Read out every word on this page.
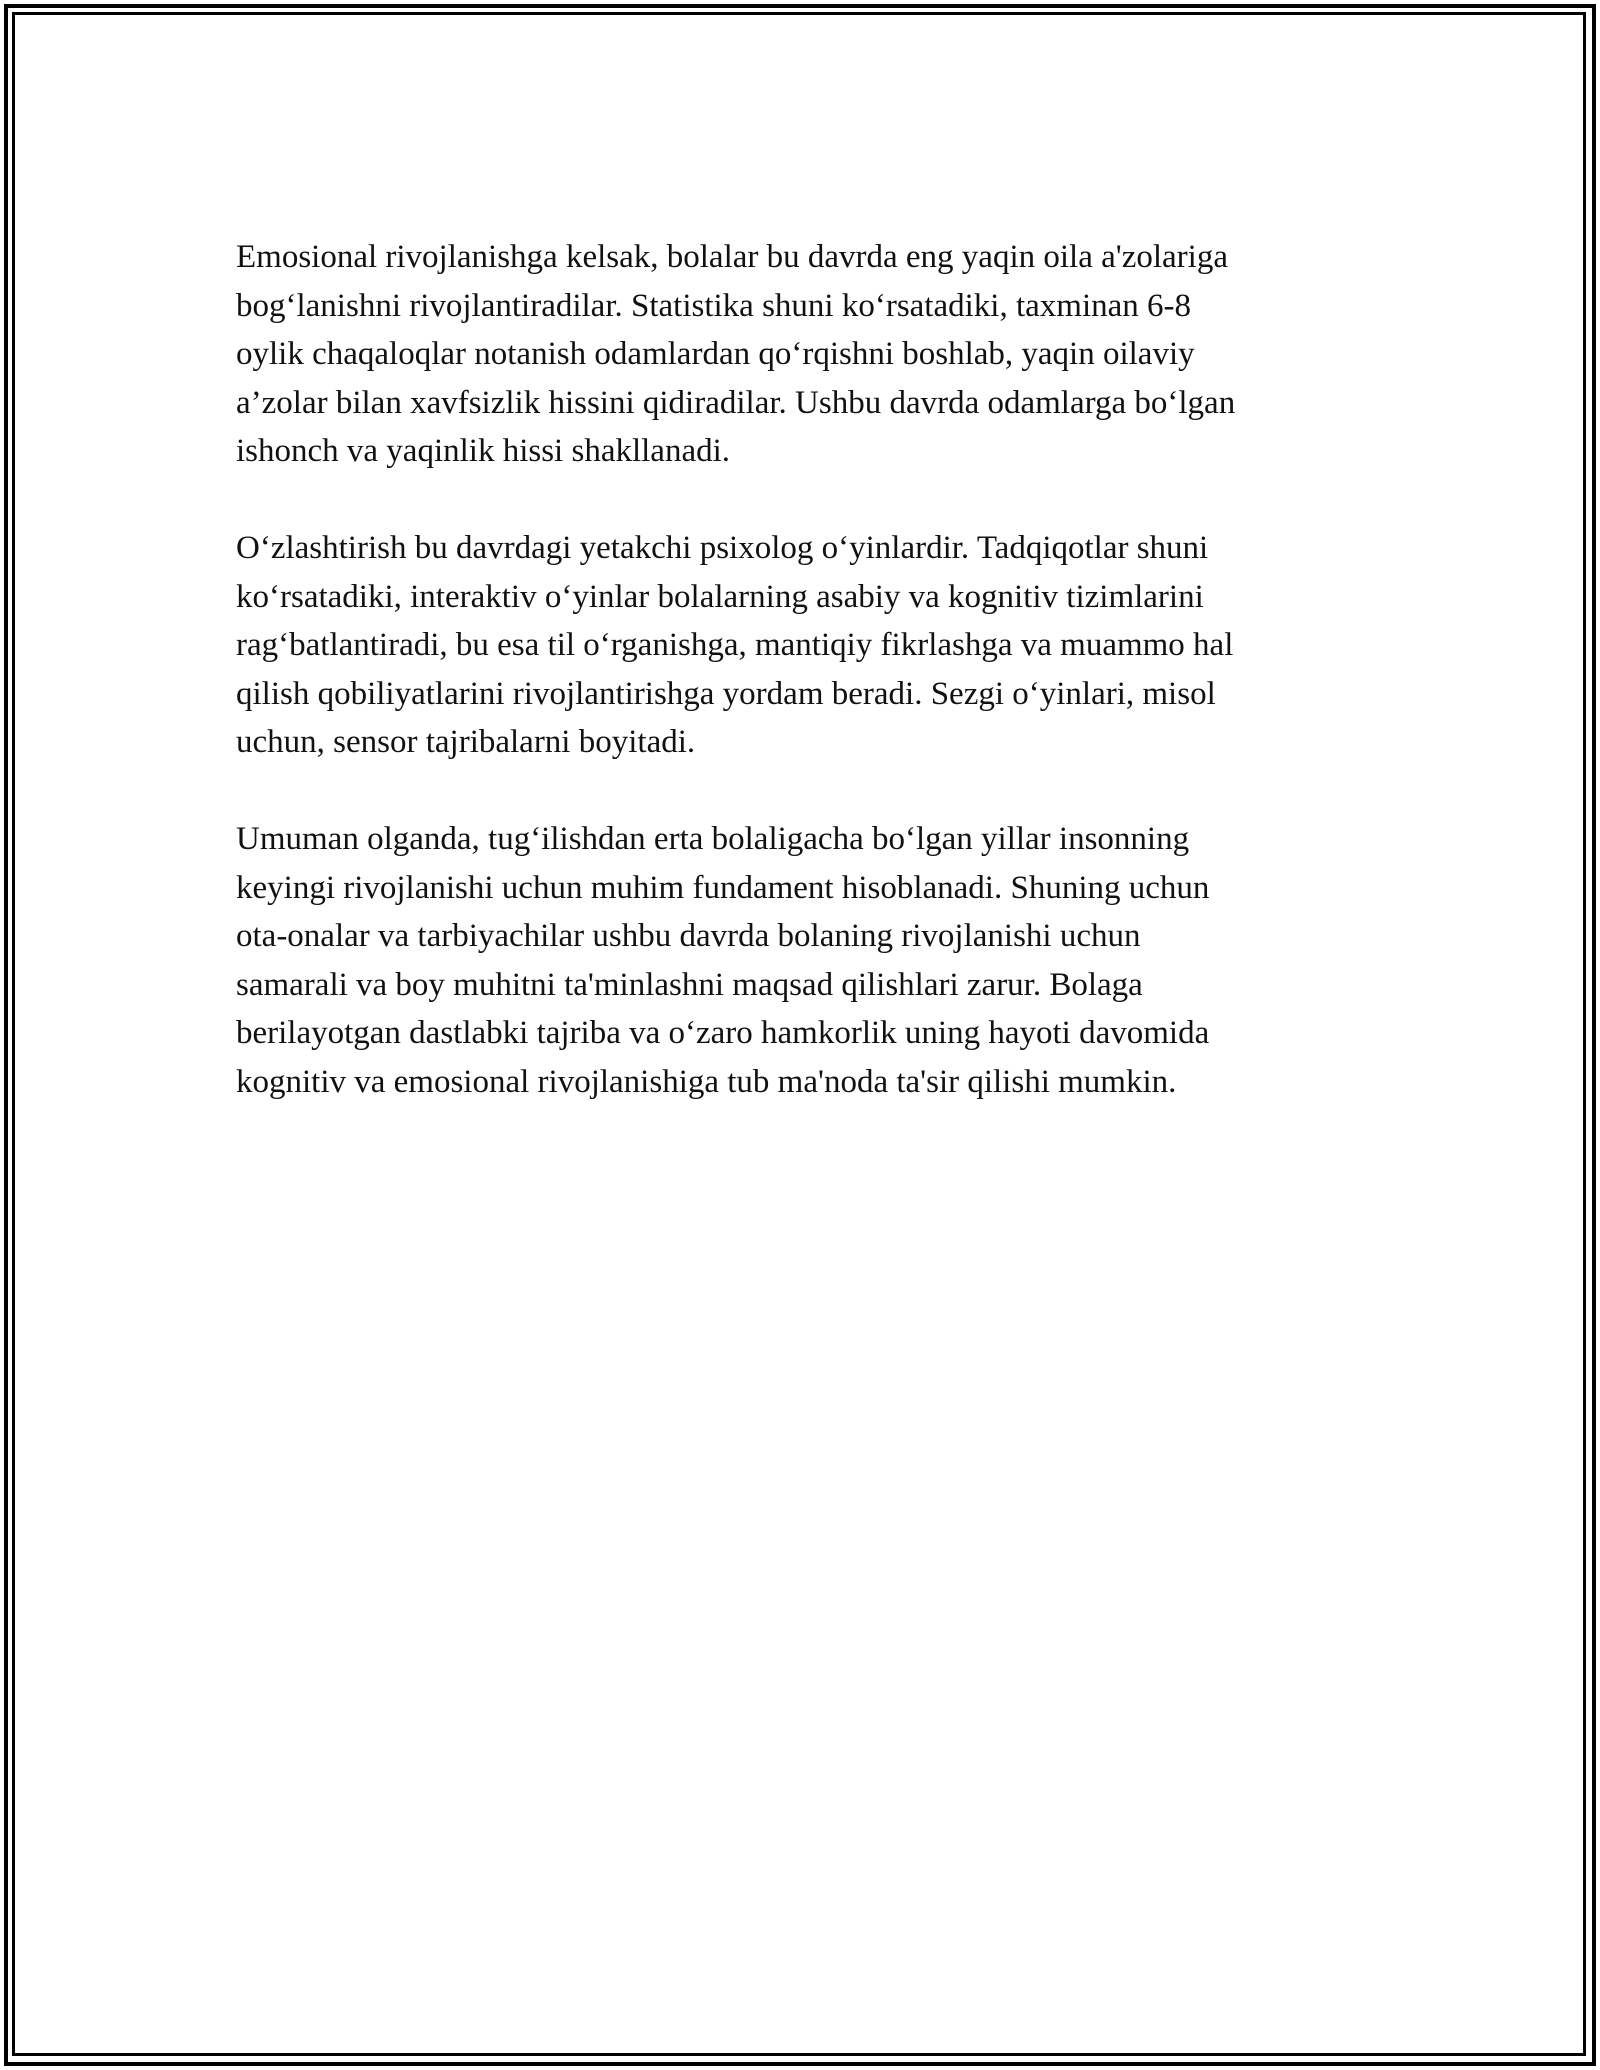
Emosional rivojlanishga kelsak, bolalar bu davrda eng yaqin oila a'zolariga
bog‘lanishni rivojlantiradilar. Statistika shuni ko‘rsatadiki, taxminan 6-8
oylik chaqaloqlar notanish odamlardan qo‘rqishni boshlab, yaqin oilaviy
a’zolar bilan xavfsizlik hissini qidiradilar. Ushbu davrda odamlarga bo‘lgan
ishonch va yaqinlik hissi shakllanadi.

O‘zlashtirish bu davrdagi yetakchi psixolog o‘yinlardir. Tadqiqotlar shuni
ko‘rsatadiki, interaktiv o‘yinlar bolalarning asabiy va kognitiv tizimlarini
rag‘batlantiradi, bu esa til o‘rganishga, mantiqiy fikrlashga va muammo hal
qilish qobiliyatlarini rivojlantirishga yordam beradi. Sezgi o‘yinlari, misol
uchun, sensor tajribalarni boyitadi.

Umuman olganda, tug‘ilishdan erta bolaligacha bo‘lgan yillar insonning
keyingi rivojlanishi uchun muhim fundament hisoblanadi. Shuning uchun
ota-onalar va tarbiyachilar ushbu davrda bolaning rivojlanishi uchun
samarali va boy muhitni ta'minlashni maqsad qilishlari zarur. Bolaga
berilayotgan dastlabki tajriba va o‘zaro hamkorlik uning hayoti davomida
kognitiv va emosional rivojlanishiga tub ma'noda ta'sir qilishi mumkin.
